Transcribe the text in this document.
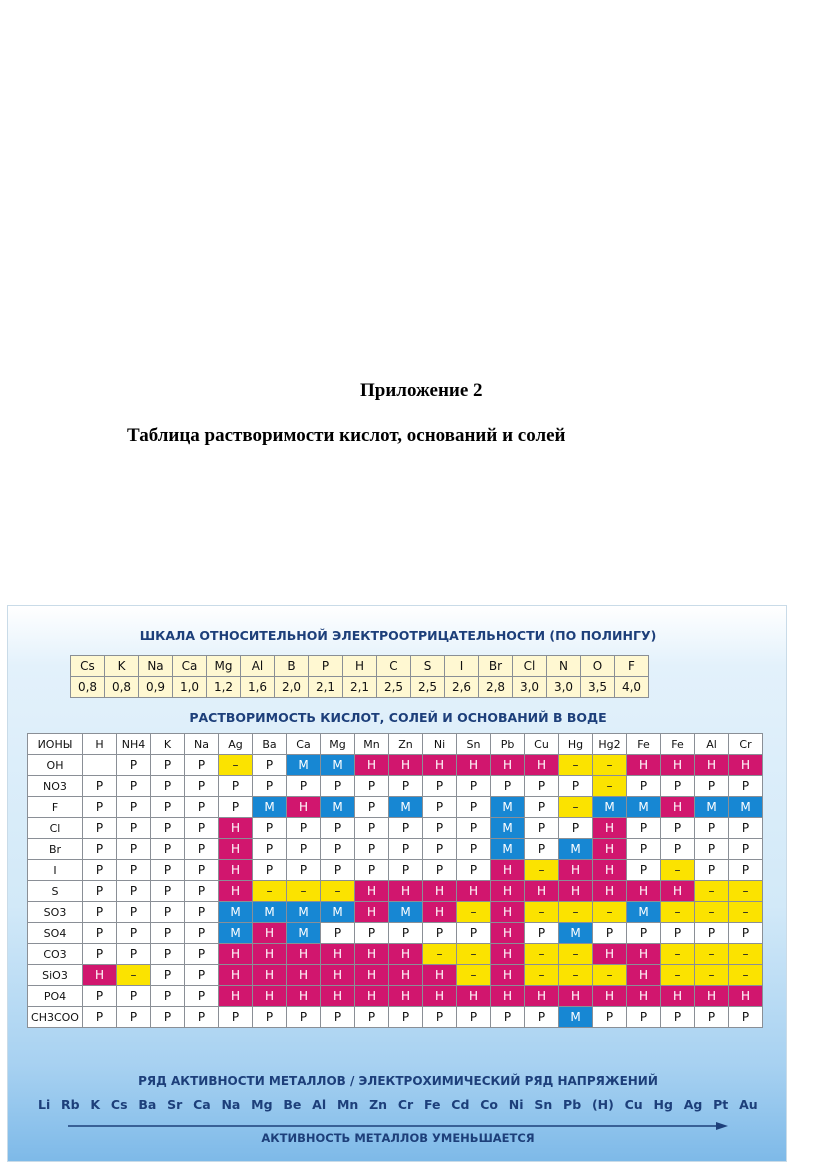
Приложение 2
Таблица растворимости кислот, оснований и солей
ШКАЛА ОТНОСИТЕЛЬНОЙ ЭЛЕКТРООТРИЦАТЕЛЬНОСТИ (ПО ПОЛИНГУ)
Cs	K	Na	Ca	Mg	Al	B	P	H	C	S	I	Br	Cl	N	O	F
0,8	0,8	0,9	1,0	1,2	1,6	2,0	2,1	2,1	2,5	2,5	2,6	2,8	3,0	3,0	3,5	4,0
РАСТВОРИМОСТЬ КИСЛОТ, СОЛЕЙ И ОСНОВАНИЙ В ВОДЕ
ИОНЫ	H	NH4	K	Na	Ag	Ba	Ca	Mg	Mn	Zn	Ni	Sn	Pb	Cu	Hg	Hg2	Fe	Fe	Al	Cr
OH		Р	Р	Р	–	Р	М	М	Н	Н	Н	Н	Н	Н	–	–	Н	Н	Н	Н
NO3	Р	Р	Р	Р	Р	Р	Р	Р	Р	Р	Р	Р	Р	Р	Р	–	Р	Р	Р	Р
F	Р	Р	Р	Р	Р	М	Н	М	Р	М	Р	Р	М	Р	–	М	М	Н	М	М
Cl	Р	Р	Р	Р	Н	Р	Р	Р	Р	Р	Р	Р	М	Р	Р	Н	Р	Р	Р	Р
Br	Р	Р	Р	Р	Н	Р	Р	Р	Р	Р	Р	Р	М	Р	М	Н	Р	Р	Р	Р
I	Р	Р	Р	Р	Н	Р	Р	Р	Р	Р	Р	Р	Н	–	Н	Н	Р	–	Р	Р
S	Р	Р	Р	Р	Н	–	–	–	Н	Н	Н	Н	Н	Н	Н	Н	Н	Н	–	–
SO3	Р	Р	Р	Р	М	М	М	М	Н	М	Н	–	Н	–	–	–	М	–	–	–
SO4	Р	Р	Р	Р	М	Н	М	Р	Р	Р	Р	Р	Н	Р	М	Р	Р	Р	Р	Р
CO3	Р	Р	Р	Р	Н	Н	Н	Н	Н	Н	–	–	Н	–	–	Н	Н	–	–	–
SiO3	Н	–	Р	Р	Н	Н	Н	Н	Н	Н	Н	–	Н	–	–	–	Н	–	–	–
PO4	Р	Р	Р	Р	Н	Н	Н	Н	Н	Н	Н	Н	Н	Н	Н	Н	Н	Н	Н	Н
CH3COO	Р	Р	Р	Р	Р	Р	Р	Р	Р	Р	Р	Р	Р	Р	М	Р	Р	Р	Р	Р
РЯД АКТИВНОСТИ МЕТАЛЛОВ / ЭЛЕКТРОХИМИЧЕСКИЙ РЯД НАПРЯЖЕНИЙ
Li Rb K Cs Ba Sr Ca Na Mg Be Al Mn Zn Cr Fe Cd Co Ni Sn Pb (H) Cu Hg Ag Pt Au
АКТИВНОСТЬ МЕТАЛЛОВ УМЕНЬШАЕТСЯ
